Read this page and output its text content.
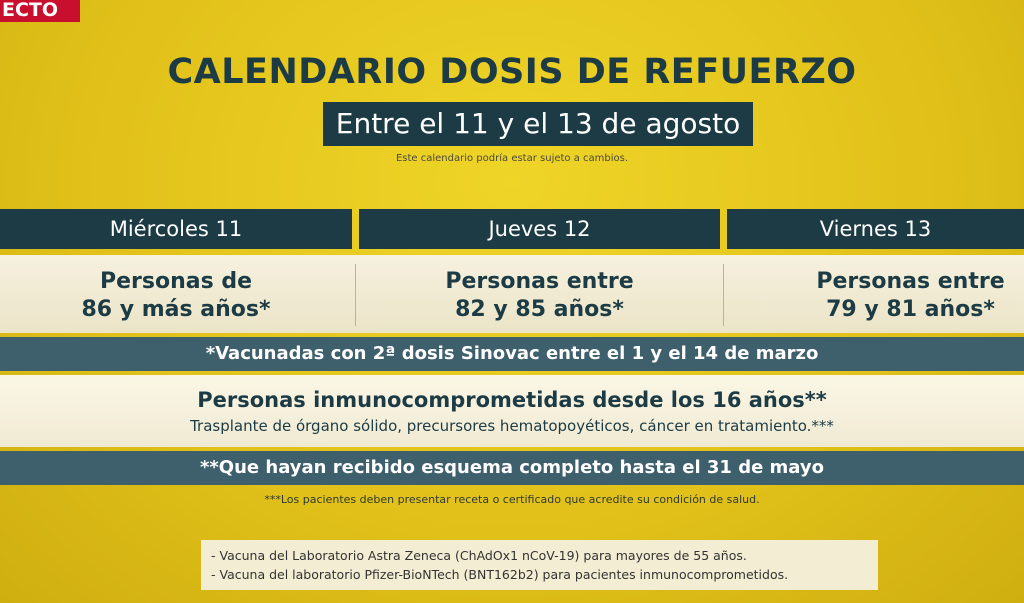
ECTO
CALENDARIO DOSIS DE REFUERZO
Entre el 11 y el 13 de agosto
Este calendario podría estar sujeto a cambios.
Miércoles 11	Jueves 12	Viernes 13
Personas de
86 y más años*
Personas entre
82 y 85 años*
Personas entre
79 y 81 años*
*Vacunadas con 2ª dosis Sinovac entre el 1 y el 14 de marzo
Personas inmunocomprometidas desde los 16 años**
Trasplante de órgano sólido, precursores hematopoyéticos, cáncer en tratamiento.***
**Que hayan recibido esquema completo hasta el 31 de mayo
***Los pacientes deben presentar receta o certificado que acredite su condición de salud.
- Vacuna del Laboratorio Astra Zeneca (ChAdOx1 nCoV-19) para mayores de 55 años.
- Vacuna del laboratorio Pfizer-BioNTech (BNT162b2) para pacientes inmunocomprometidos.
